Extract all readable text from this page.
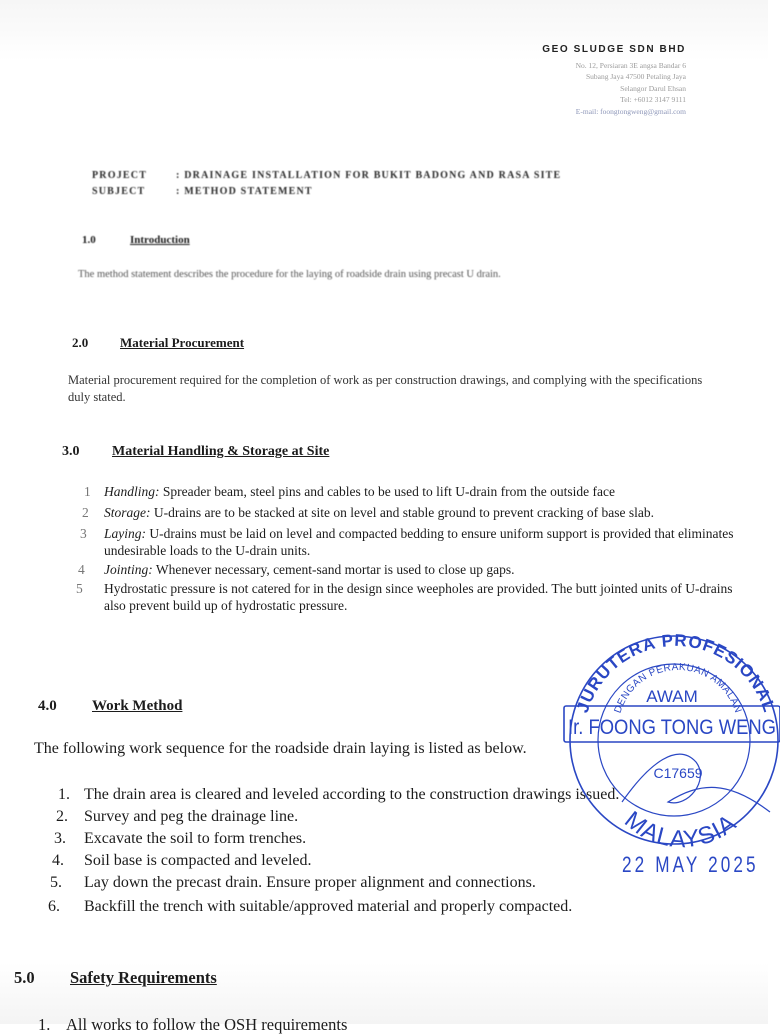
GEO SLUDGE SDN BHD
No. 12, Persiaran 3E angsa Bandar 6
Subang Jaya 47500 Petaling Jaya
Selangor Darul Ehsan
Tel: +6012 3147 9111
E-mail: foongtongweng@gmail.com
PROJECT	: DRAINAGE INSTALLATION FOR BUKIT BADONG AND RASA SITE
SUBJECT	: METHOD STATEMENT
1.0	Introduction
The method statement describes the procedure for the laying of roadside drain using precast U drain.
2.0 Material Procurement
Material procurement required for the completion of work as per construction drawings, and complying with the specifications duly stated.
3.0 Material Handling & Storage at Site
1 Handling: Spreader beam, steel pins and cables to be used to lift U-drain from the outside face
2 Storage: U-drains are to be stacked at site on level and stable ground to prevent cracking of base slab.
3 Laying: U-drains must be laid on level and compacted bedding to ensure uniform support is provided that eliminates undesirable loads to the U-drain units.
4 Jointing: Whenever necessary, cement-sand mortar is used to close up gaps.
5 Hydrostatic pressure is not catered for in the design since weepholes are provided. The butt jointed units of U-drains also prevent build up of hydrostatic pressure.
4.0 Work Method
The following work sequence for the roadside drain laying is listed as below.
1. The drain area is cleared and leveled according to the construction drawings issued.
2. Survey and peg the drainage line.
3. Excavate the soil to form trenches.
4. Soil base is compacted and leveled.
5. Lay down the precast drain. Ensure proper alignment and connections.
6. Backfill the trench with suitable/approved material and properly compacted.
5.0 Safety Requirements
1. All works to follow the OSH requirements
JURUTERA PROFESIONAL
DENGAN PERAKUAN AMALAN
AWAM
Ir. FOONG TONG WENG
C17659
MALAYSIA
22 MAY 2025
